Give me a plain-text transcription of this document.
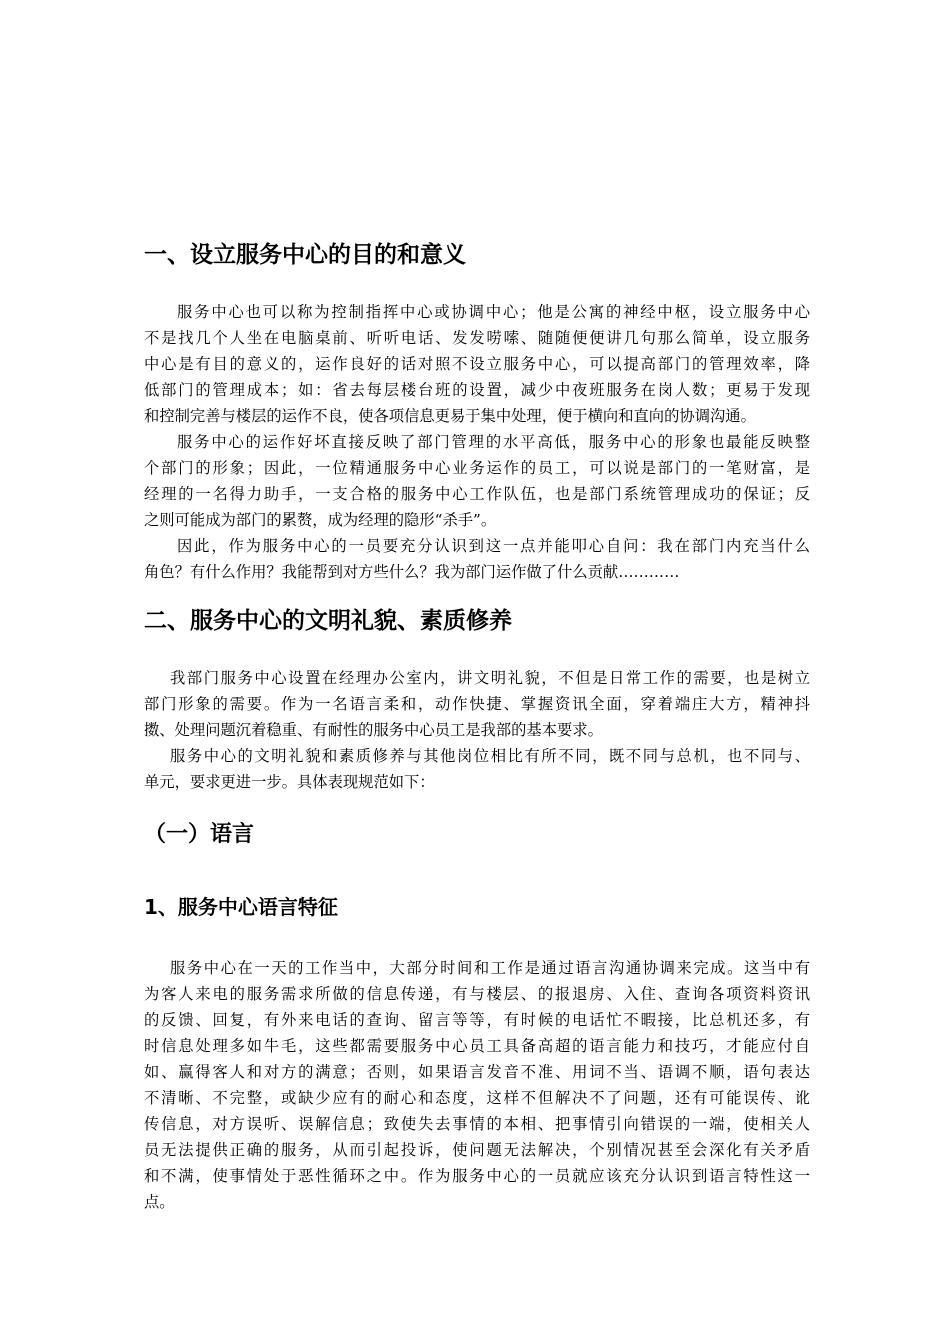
一、设立服务中心的目的和意义
服务中心也可以称为控制指挥中心或协调中心；他是公寓的神经中枢，设立服务中心
不是找几个人坐在电脑桌前、听听电话、发发唠嗦、随随便便讲几句那么简单，设立服务
中心是有目的意义的，运作良好的话对照不设立服务中心，可以提高部门的管理效率，降
低部门的管理成本；如：省去每层楼台班的设置，减少中夜班服务在岗人数；更易于发现
和控制完善与楼层的运作不良，使各项信息更易于集中处理，便于横向和直向的协调沟通。
服务中心的运作好坏直接反映了部门管理的水平高低，服务中心的形象也最能反映整
个部门的形象；因此，一位精通服务中心业务运作的员工，可以说是部门的一笔财富，是
经理的一名得力助手，一支合格的服务中心工作队伍，也是部门系统管理成功的保证；反
之则可能成为部门的累赘，成为经理的隐形“杀手”。
因此，作为服务中心的一员要充分认识到这一点并能叩心自问：我在部门内充当什么
角色？有什么作用？我能帮到对方些什么？我为部门运作做了什么贡献…………
二、服务中心的文明礼貌、素质修养
我部门服务中心设置在经理办公室内，讲文明礼貌，不但是日常工作的需要，也是树立
部门形象的需要。作为一名语言柔和，动作快捷、掌握资讯全面，穿着端庄大方，精神抖
擞、处理问题沉着稳重、有耐性的服务中心员工是我部的基本要求。
服务中心的文明礼貌和素质修养与其他岗位相比有所不同，既不同与总机，也不同与、
单元，要求更进一步。具体表现规范如下：
（一）语言
1、服务中心语言特征
服务中心在一天的工作当中，大部分时间和工作是通过语言沟通协调来完成。这当中有
为客人来电的服务需求所做的信息传递，有与楼层、的报退房、入住、查询各项资料资讯
的反馈、回复，有外来电话的查询、留言等等，有时候的电话忙不暇接，比总机还多，有
时信息处理多如牛毛，这些都需要服务中心员工具备高超的语言能力和技巧，才能应付自
如、赢得客人和对方的满意；否则，如果语言发音不准、用词不当、语调不顺，语句表达
不清晰、不完整，或缺少应有的耐心和态度，这样不但解决不了问题，还有可能误传、讹
传信息，对方误听、误解信息；致使失去事情的本相、把事情引向错误的一端，使相关人
员无法提供正确的服务，从而引起投诉，使问题无法解决，个别情况甚至会深化有关矛盾
和不满，使事情处于恶性循环之中。作为服务中心的一员就应该充分认识到语言特性这一
点。
